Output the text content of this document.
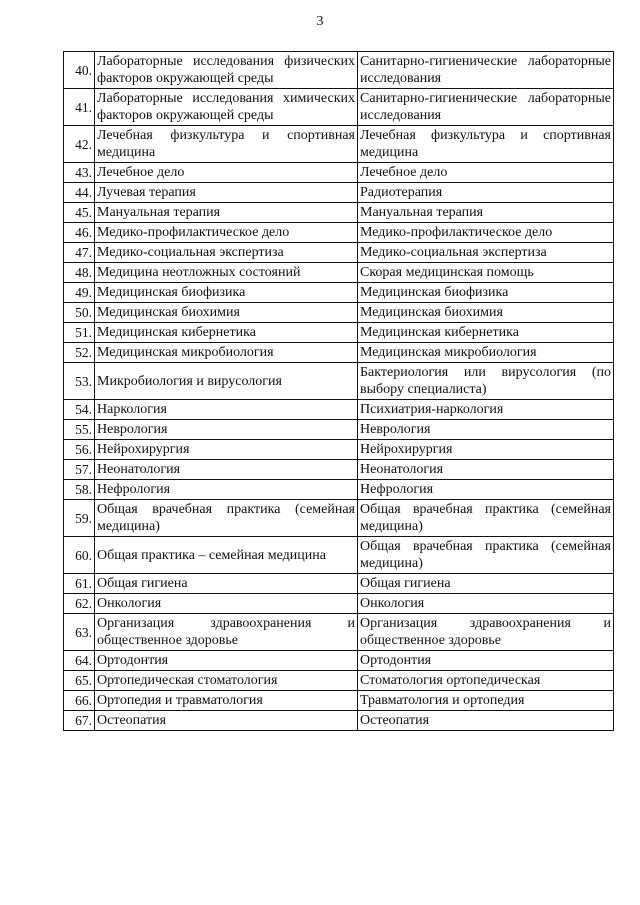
3
40.	Лабораторные исследования физических факторов окружающей среды	Санитарно-гигиенические лабораторные исследования
41.	Лабораторные исследования химических факторов окружающей среды	Санитарно-гигиенические лабораторные исследования
42.	Лечебная физкультура и спортивная медицина	Лечебная физкультура и спортивная медицина
43.	Лечебное дело	Лечебное дело
44.	Лучевая терапия	Радиотерапия
45.	Мануальная терапия	Мануальная терапия
46.	Медико-профилактическое дело	Медико-профилактическое дело
47.	Медико-социальная экспертиза	Медико-социальная экспертиза
48.	Медицина неотложных состояний	Скорая медицинская помощь
49.	Медицинская биофизика	Медицинская биофизика
50.	Медицинская биохимия	Медицинская биохимия
51.	Медицинская кибернетика	Медицинская кибернетика
52.	Медицинская микробиология	Медицинская микробиология
53.	Микробиология и вирусология	Бактериология или вирусология (по выбору специалиста)
54.	Наркология	Психиатрия-наркология
55.	Неврология	Неврология
56.	Нейрохирургия	Нейрохирургия
57.	Неонатология	Неонатология
58.	Нефрология	Нефрология
59.	Общая врачебная практика (семейная медицина)	Общая врачебная практика (семейная медицина)
60.	Общая практика – семейная медицина	Общая врачебная практика (семейная медицина)
61.	Общая гигиена	Общая гигиена
62.	Онкология	Онкология
63.	Организация здравоохранения и общественное здоровье	Организация здравоохранения и общественное здоровье
64.	Ортодонтия	Ортодонтия
65.	Ортопедическая стоматология	Стоматология ортопедическая
66.	Ортопедия и травматология	Травматология и ортопедия
67.	Остеопатия	Остеопатия
